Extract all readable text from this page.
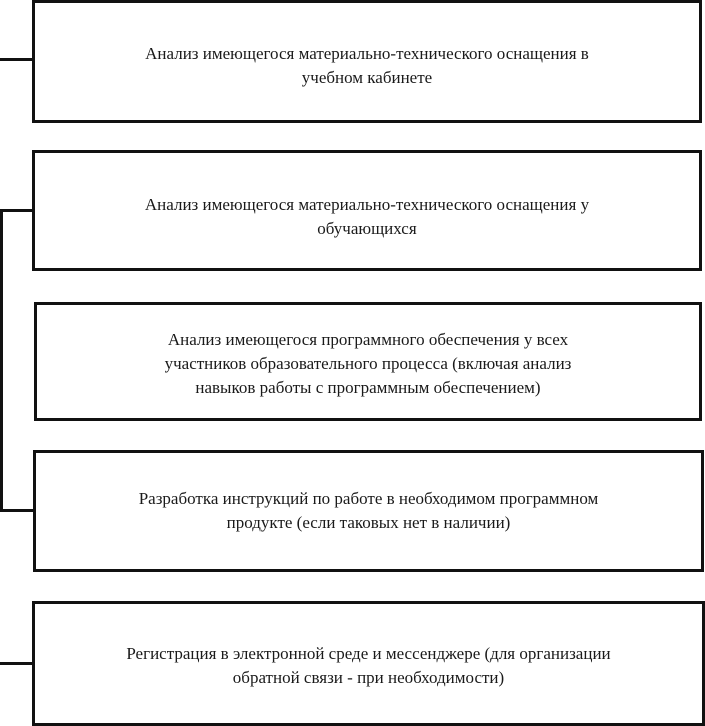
Анализ имеющегося материально-технического оснащения в
учебном кабинете
Анализ имеющегося материально-технического оснащения у
обучающихся
Анализ имеющегося программного обеспечения у всех
участников образовательного процесса (включая анализ
навыков работы с программным обеспечением)
Разработка инструкций по работе в необходимом программном
продукте (если таковых нет в наличии)
Регистрация в электронной среде и мессенджере (для организации
обратной связи - при необходимости)
